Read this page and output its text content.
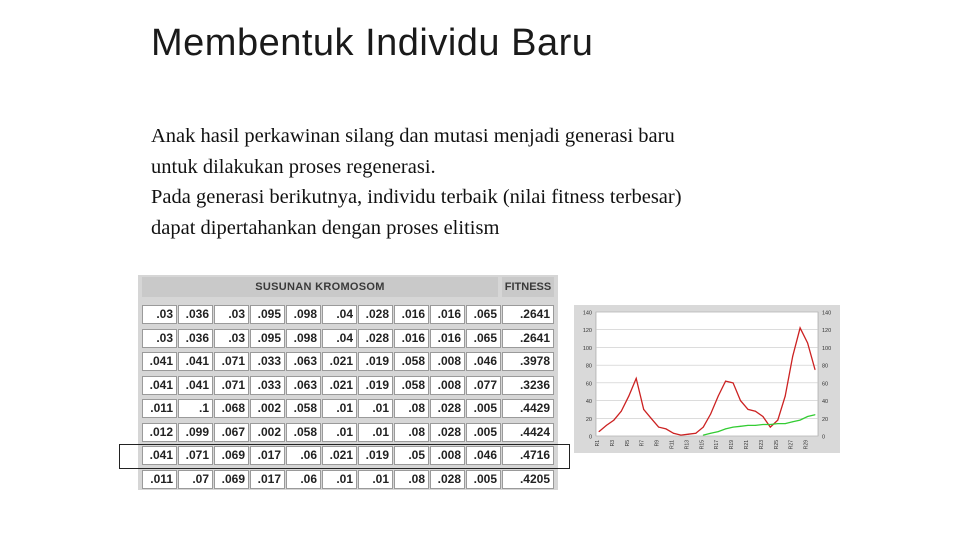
Membentuk Individu Baru
Anak hasil perkawinan silang dan mutasi menjadi generasi baru
untuk dilakukan proses regenerasi.
Pada generasi berikutnya, individu terbaik (nilai fitness terbesar)
dapat dipertahankan dengan proses elitism
SUSUNAN KROMOSOM	FITNESS
.03	.036	.03	.095	.098	.04	.028	.016	.016	.065	.2641
.03	.036	.03	.095	.098	.04	.028	.016	.016	.065	.2641
.041	.041	.071	.033	.063	.021	.019	.058	.008	.046	.3978
.041	.041	.071	.033	.063	.021	.019	.058	.008	.077	.3236
.011	.1	.068	.002	.058	.01	.01	.08	.028	.005	.4429
.012	.099	.067	.002	.058	.01	.01	.08	.028	.005	.4424
.041	.071	.069	.017	.06	.021	.019	.05	.008	.046	.4716
.011	.07	.069	.017	.06	.01	.01	.08	.028	.005	.4205
0	0
20	20
40	40
60	60
80	80
100	100
120	120
140	140
R1 R3 R5 R7 R9 R11 R13 R15 R17 R19 R21 R23 R25 R27 R29
